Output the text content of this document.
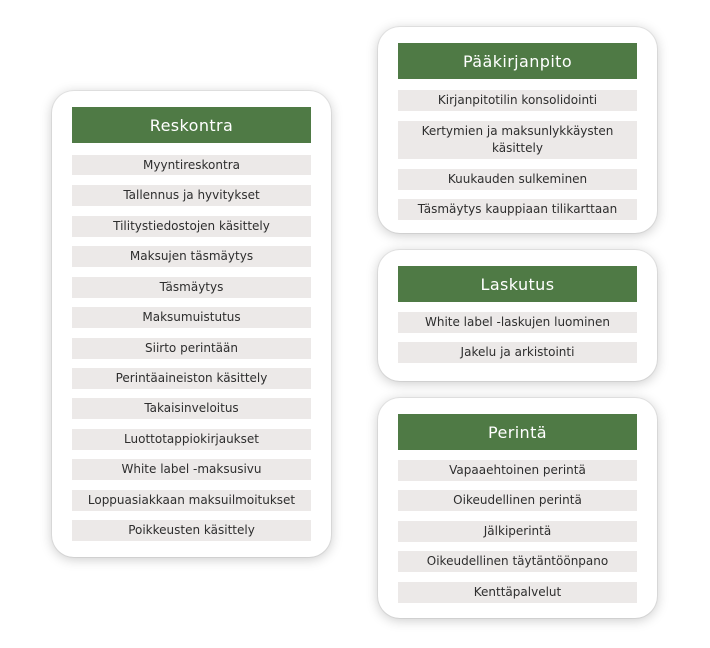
Reskontra
Myyntireskontra
Tallennus ja hyvitykset
Tilitystiedostojen käsittely
Maksujen täsmäytys
Täsmäytys
Maksumuistutus
Siirto perintään
Perintäaineiston käsittely
Takaisinveloitus
Luottotappiokirjaukset
White label -maksusivu
Loppuasiakkaan maksuilmoitukset
Poikkeusten käsittely
Pääkirjanpito
Kirjanpitotilin konsolidointi
Kertymien ja maksunlykkäysten käsittely
Kuukauden sulkeminen
Täsmäytys kauppiaan tilikarttaan
Laskutus
White label -laskujen luominen
Jakelu ja arkistointi
Perintä
Vapaaehtoinen perintä
Oikeudellinen perintä
Jälkiperintä
Oikeudellinen täytäntöönpano
Kenttäpalvelut
